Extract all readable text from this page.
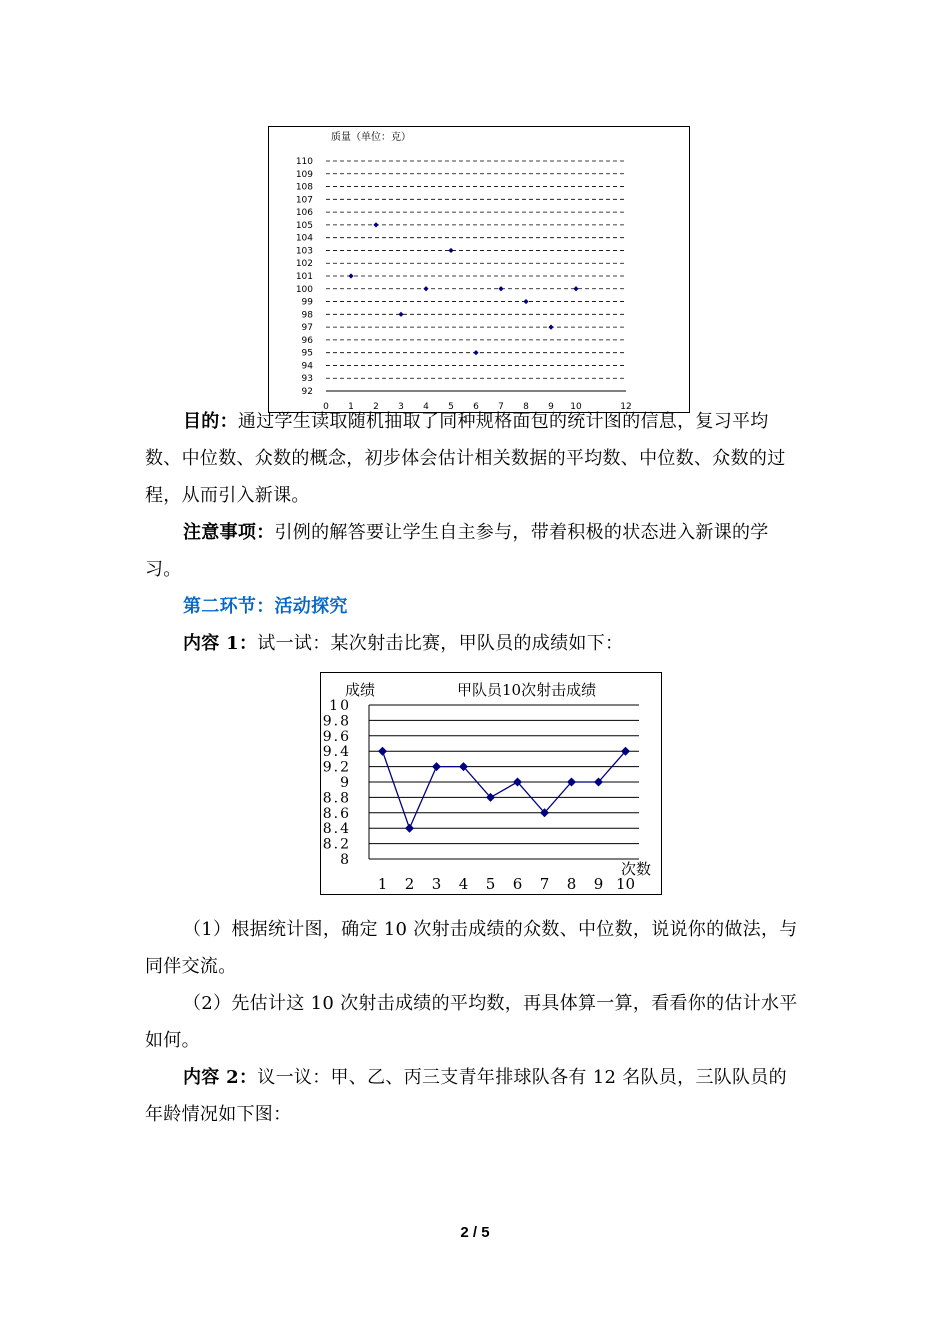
质量（单位：克）
110
109
108
107
106
105
104
103
102
101
100
99
98
97
96
95
94
93
92
0 1 2 3 4 5 6 7 8 9 10	12

目的：通过学生读取随机抽取了同种规格面包的统计图的信息，复习平均数、中位数、众数的概念，初步体会估计相关数据的平均数、中位数、众数的过程，从而引入新课。

注意事项：引例的解答要让学生自主参与，带着积极的状态进入新课的学习。

第二环节：活动探究

内容 1：试一试：某次射击比赛，甲队员的成绩如下：

成绩	甲队员10次射击成绩
10
9.8
9.6
9.4
9.2
9
8.8
8.6
8.4
8.2
8	次数
1 2 3 4 5 6 7 8 9 10

（1）根据统计图，确定 10 次射击成绩的众数、中位数，说说你的做法，与同伴交流。

（2）先估计这 10 次射击成绩的平均数，再具体算一算，看看你的估计水平如何。

内容 2：议一议：甲、乙、丙三支青年排球队各有 12 名队员，三队队员的年龄情况如下图：

2 / 5
